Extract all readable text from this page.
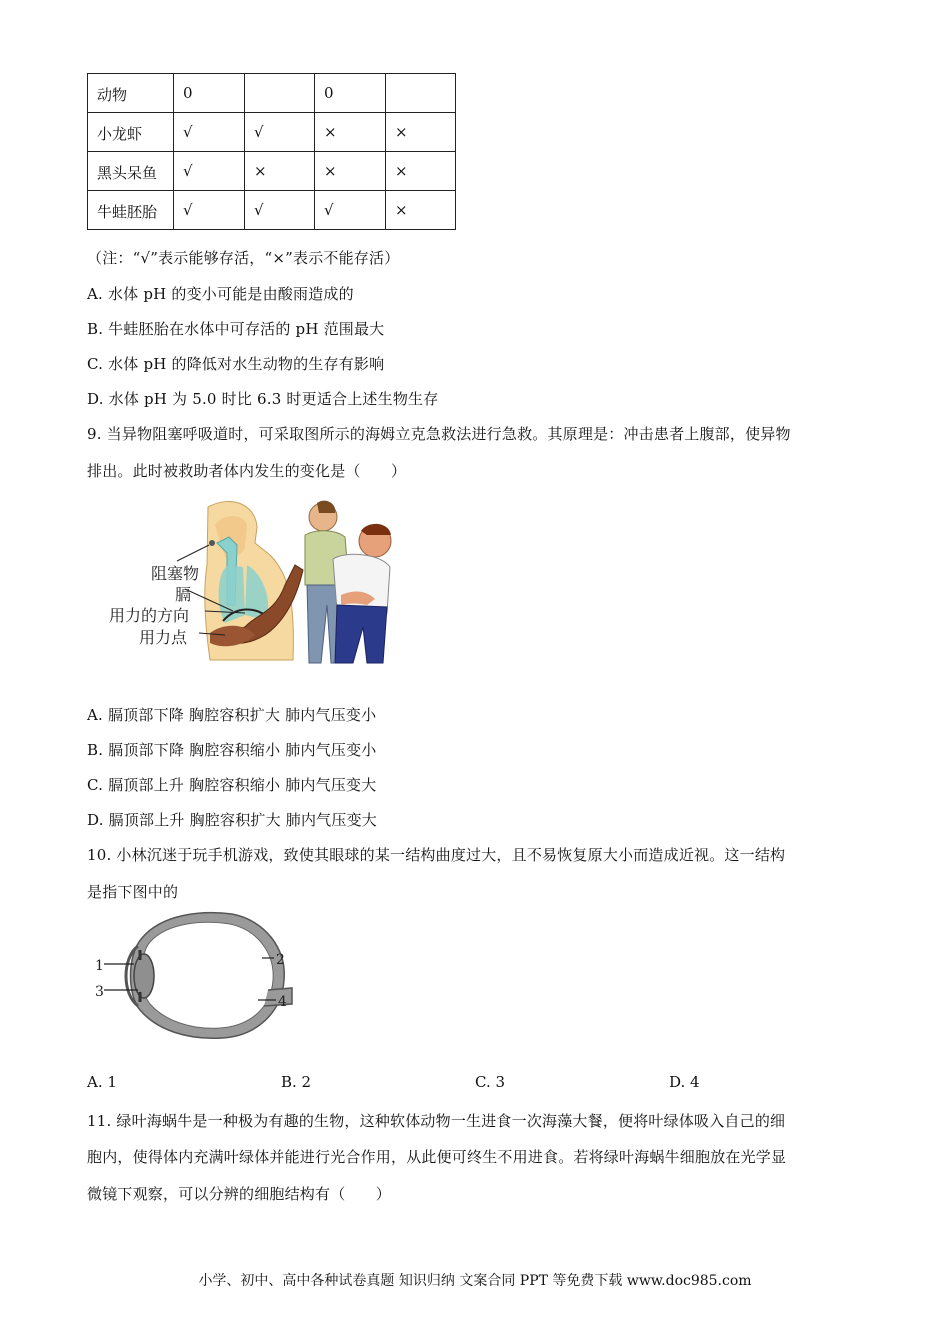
动物	0		0	
小龙虾	√	√	×	×
黑头呆鱼	√	×	×	×
牛蛙胚胎	√	√	√	×
（注：“√”表示能够存活，“×”表示不能存活）
A. 水体 pH 的变小可能是由酸雨造成的
B. 牛蛙胚胎在水体中可存活的 pH 范围最大
C. 水体 pH 的降低对水生动物的生存有影响
D. 水体 pH 为 5.0 时比 6.3 时更适合上述生物生存
9. 当异物阻塞呼吸道时，可采取图所示的海姆立克急救法进行急救。其原理是：冲击患者上腹部，使异物
排出。此时被救助者体内发生的变化是（　　）
阻塞物
膈
用力的方向
用力点
A. 膈顶部下降 胸腔容积扩大 肺内气压变小
B. 膈顶部下降 胸腔容积缩小 肺内气压变小
C. 膈顶部上升 胸腔容积缩小 肺内气压变大
D. 膈顶部上升 胸腔容积扩大 肺内气压变大
10. 小林沉迷于玩手机游戏，致使其眼球的某一结构曲度过大，且不易恢复原大小而造成近视。这一结构
是指下图中的
1	2
3
4
A. 1	B. 2	C. 3	D. 4
11. 绿叶海蜗牛是一种极为有趣的生物，这种软体动物一生进食一次海藻大餐，便将叶绿体吸入自己的细
胞内，使得体内充满叶绿体并能进行光合作用，从此便可终生不用进食。若将绿叶海蜗牛细胞放在光学显
微镜下观察，可以分辨的细胞结构有（　　）
小学、初中、高中各种试卷真题 知识归纳 文案合同 PPT 等免费下载 www.doc985.com
